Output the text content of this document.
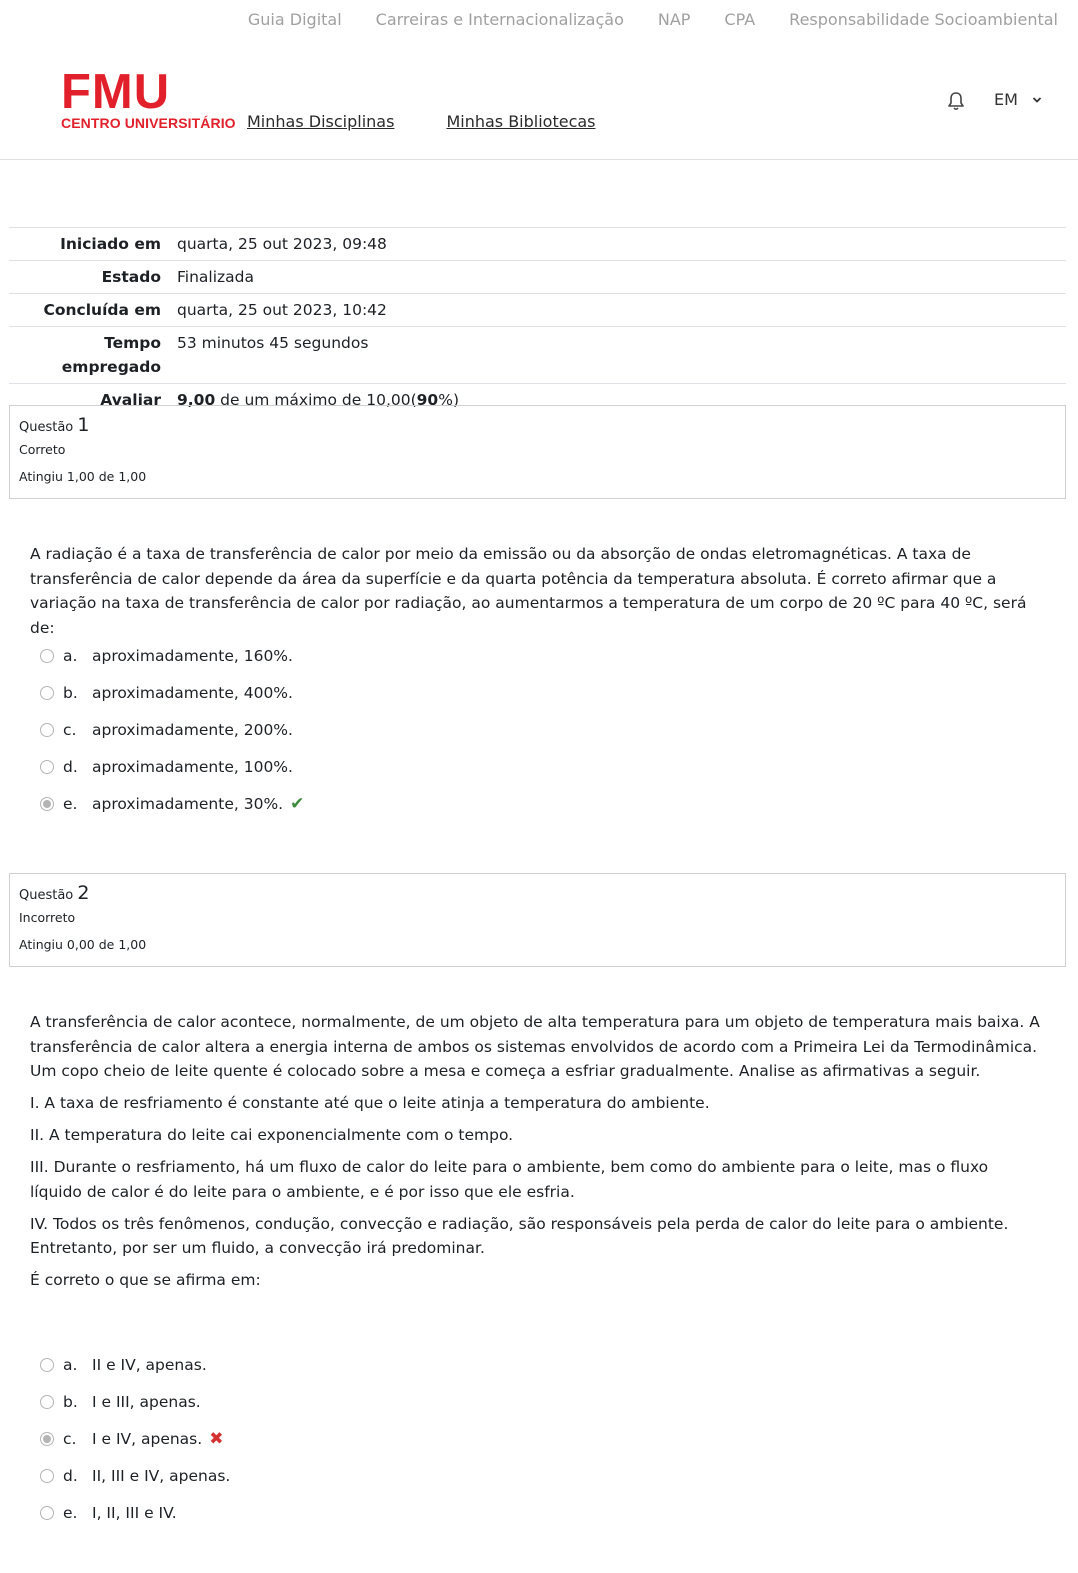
Guia Digital Carreiras e Internacionalização NAP CPA Responsabilidade Socioambiental
FMU
CENTRO UNIVERSITÁRIO Minhas Disciplinas	Minhas Bibliotecas
EM
Iniciado em	quarta, 25 out 2023, 09:48
Estado	Finalizada
Concluída em	quarta, 25 out 2023, 10:42
Tempo
empregado	53 minutos 45 segundos
Avaliar	9,00 de um máximo de 10,00(90%)
Questão 1
Correto
Atingiu 1,00 de 1,00

A radiação é a taxa de transferência de calor por meio da emissão ou da absorção de ondas eletromagnéticas. A taxa de transferência de calor depende da área da superfície e da quarta potência da temperatura absoluta. É correto afirmar que a variação na taxa de transferência de calor por radiação, ao aumentarmos a temperatura de um corpo de 20 ºC para 40 ºC, será de:

a. aproximadamente, 160%.
b. aproximadamente, 400%.
c.	aproximadamente, 200%.
d. aproximadamente, 100%.
e. aproximadamente, 30%. ✔
Questão 2
Incorreto
Atingiu 0,00 de 1,00

A transferência de calor acontece, normalmente, de um objeto de alta temperatura para um objeto de temperatura mais baixa. A transferência de calor altera a energia interna de ambos os sistemas envolvidos de acordo com a Primeira Lei da Termodinâmica. Um copo cheio de leite quente é colocado sobre a mesa e começa a esfriar gradualmente. Analise as afirmativas a seguir.

I. A taxa de resfriamento é constante até que o leite atinja a temperatura do ambiente.

II. A temperatura do leite cai exponencialmente com o tempo.

III. Durante o resfriamento, há um fluxo de calor do leite para o ambiente, bem como do ambiente para o leite, mas o fluxo líquido de calor é do leite para o ambiente, e é por isso que ele esfria.

IV. Todos os três fenômenos, condução, convecção e radiação, são responsáveis pela perda de calor do leite para o ambiente. Entretanto, por ser um fluido, a convecção irá predominar.

É correto o que se afirma em:

a. II e IV, apenas.
b. I e III, apenas.
c.	I e IV, apenas. ✖
d. II, III e IV, apenas.
e. I, II, III e IV.
